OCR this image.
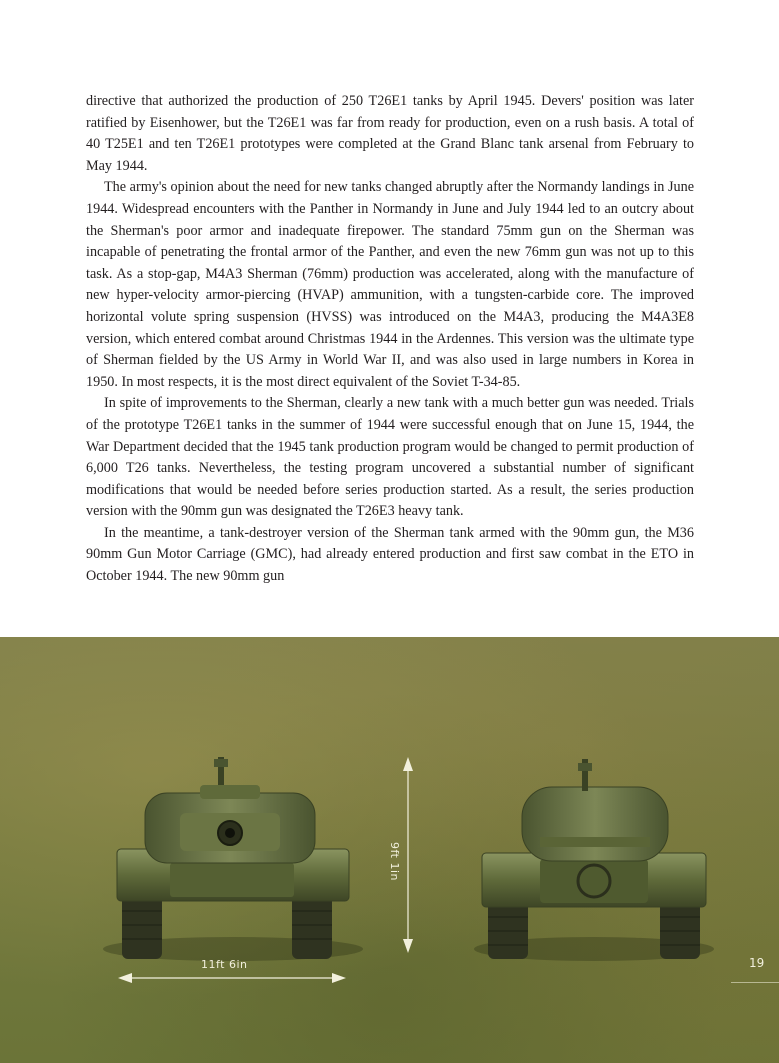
directive that authorized the production of 250 T26E1 tanks by April 1945. Devers' position was later ratified by Eisenhower, but the T26E1 was far from ready for production, even on a rush basis. A total of 40 T25E1 and ten T26E1 prototypes were completed at the Grand Blanc tank arsenal from February to May 1944.

The army's opinion about the need for new tanks changed abruptly after the Normandy landings in June 1944. Widespread encounters with the Panther in Normandy in June and July 1944 led to an outcry about the Sherman's poor armor and inadequate firepower. The standard 75mm gun on the Sherman was incapable of penetrating the frontal armor of the Panther, and even the new 76mm gun was not up to this task. As a stop-gap, M4A3 Sherman (76mm) production was accelerated, along with the manufacture of new hyper-velocity armor-piercing (HVAP) ammunition, with a tungsten-carbide core. The improved horizontal volute spring suspension (HVSS) was introduced on the M4A3, producing the M4A3E8 version, which entered combat around Christmas 1944 in the Ardennes. This version was the ultimate type of Sherman fielded by the US Army in World War II, and was also used in large numbers in Korea in 1950. In most respects, it is the most direct equivalent of the Soviet T-34-85.

In spite of improvements to the Sherman, clearly a new tank with a much better gun was needed. Trials of the prototype T26E1 tanks in the summer of 1944 were successful enough that on June 15, 1944, the War Department decided that the 1945 tank production program would be changed to permit production of 6,000 T26 tanks. Nevertheless, the testing program uncovered a substantial number of significant modifications that would be needed before series production started. As a result, the series production version with the 90mm gun was designated the T26E3 heavy tank.

In the meantime, a tank-destroyer version of the Sherman tank armed with the 90mm gun, the M36 90mm Gun Motor Carriage (GMC), had already entered production and first saw combat in the ETO in October 1944. The new 90mm gun

11ft 6in
9ft 1in
19
